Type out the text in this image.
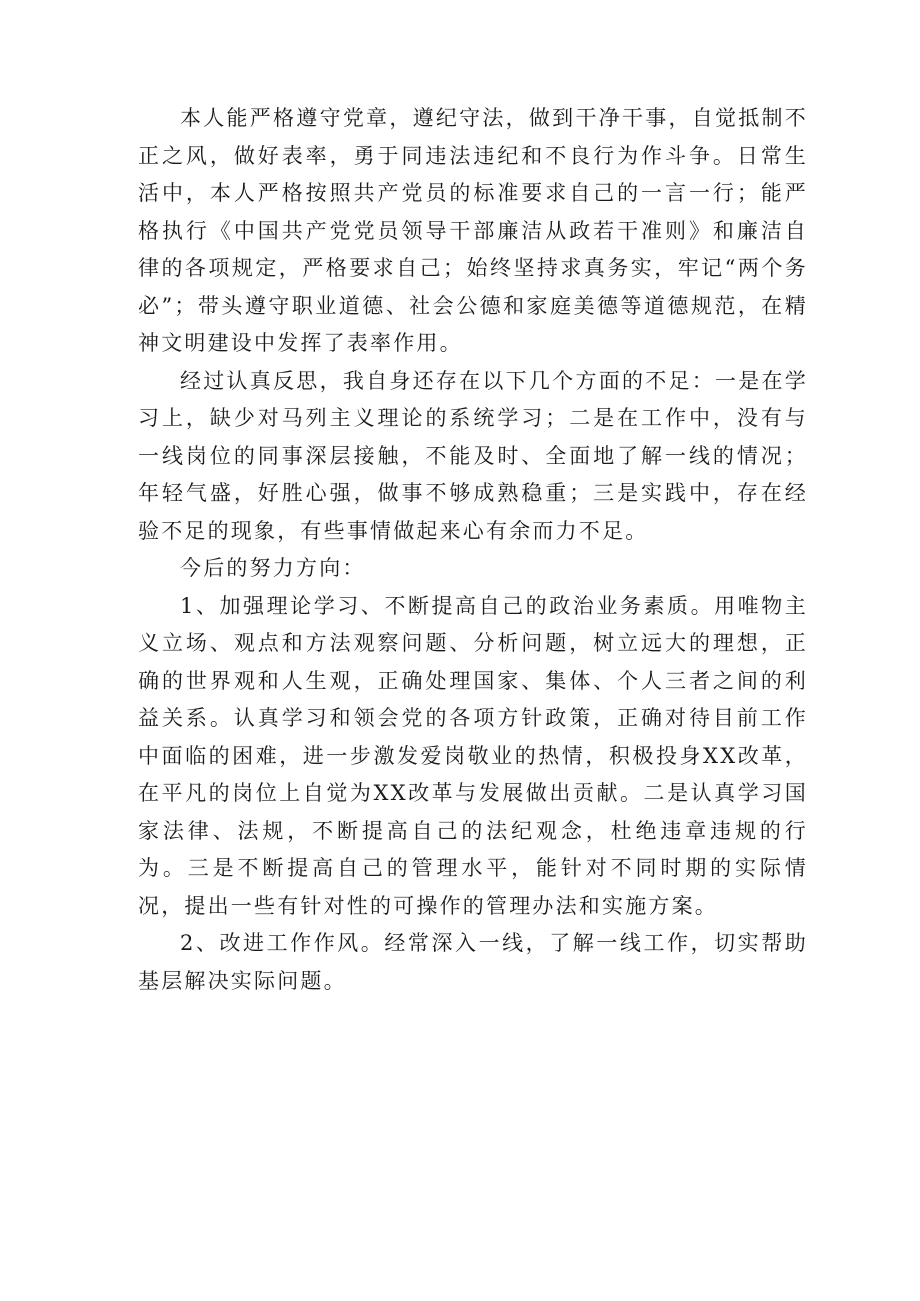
本人能严格遵守党章，遵纪守法，做到干净干事，自觉抵制不正之风，做好表率，勇于同违法违纪和不良行为作斗争。日常生活中，本人严格按照共产党员的标准要求自己的一言一行；能严格执行《中国共产党党员领导干部廉洁从政若干准则》和廉洁自律的各项规定，严格要求自己；始终坚持求真务实，牢记“两个务必”；带头遵守职业道德、社会公德和家庭美德等道德规范，在精神文明建设中发挥了表率作用。

经过认真反思，我自身还存在以下几个方面的不足：一是在学习上，缺少对马列主义理论的系统学习；二是在工作中，没有与一线岗位的同事深层接触，不能及时、全面地了解一线的情况；年轻气盛，好胜心强，做事不够成熟稳重；三是实践中，存在经验不足的现象，有些事情做起来心有余而力不足。

今后的努力方向：

1、加强理论学习、不断提高自己的政治业务素质。用唯物主义立场、观点和方法观察问题、分析问题，树立远大的理想，正确的世界观和人生观，正确处理国家、集体、个人三者之间的利益关系。认真学习和领会党的各项方针政策，正确对待目前工作中面临的困难，进一步激发爱岗敬业的热情，积极投身XX改革，在平凡的岗位上自觉为XX改革与发展做出贡献。二是认真学习国家法律、法规，不断提高自己的法纪观念，杜绝违章违规的行为。三是不断提高自己的管理水平，能针对不同时期的实际情况，提出一些有针对性的可操作的管理办法和实施方案。

2、改进工作作风。经常深入一线，了解一线工作，切实帮助基层解决实际问题。
